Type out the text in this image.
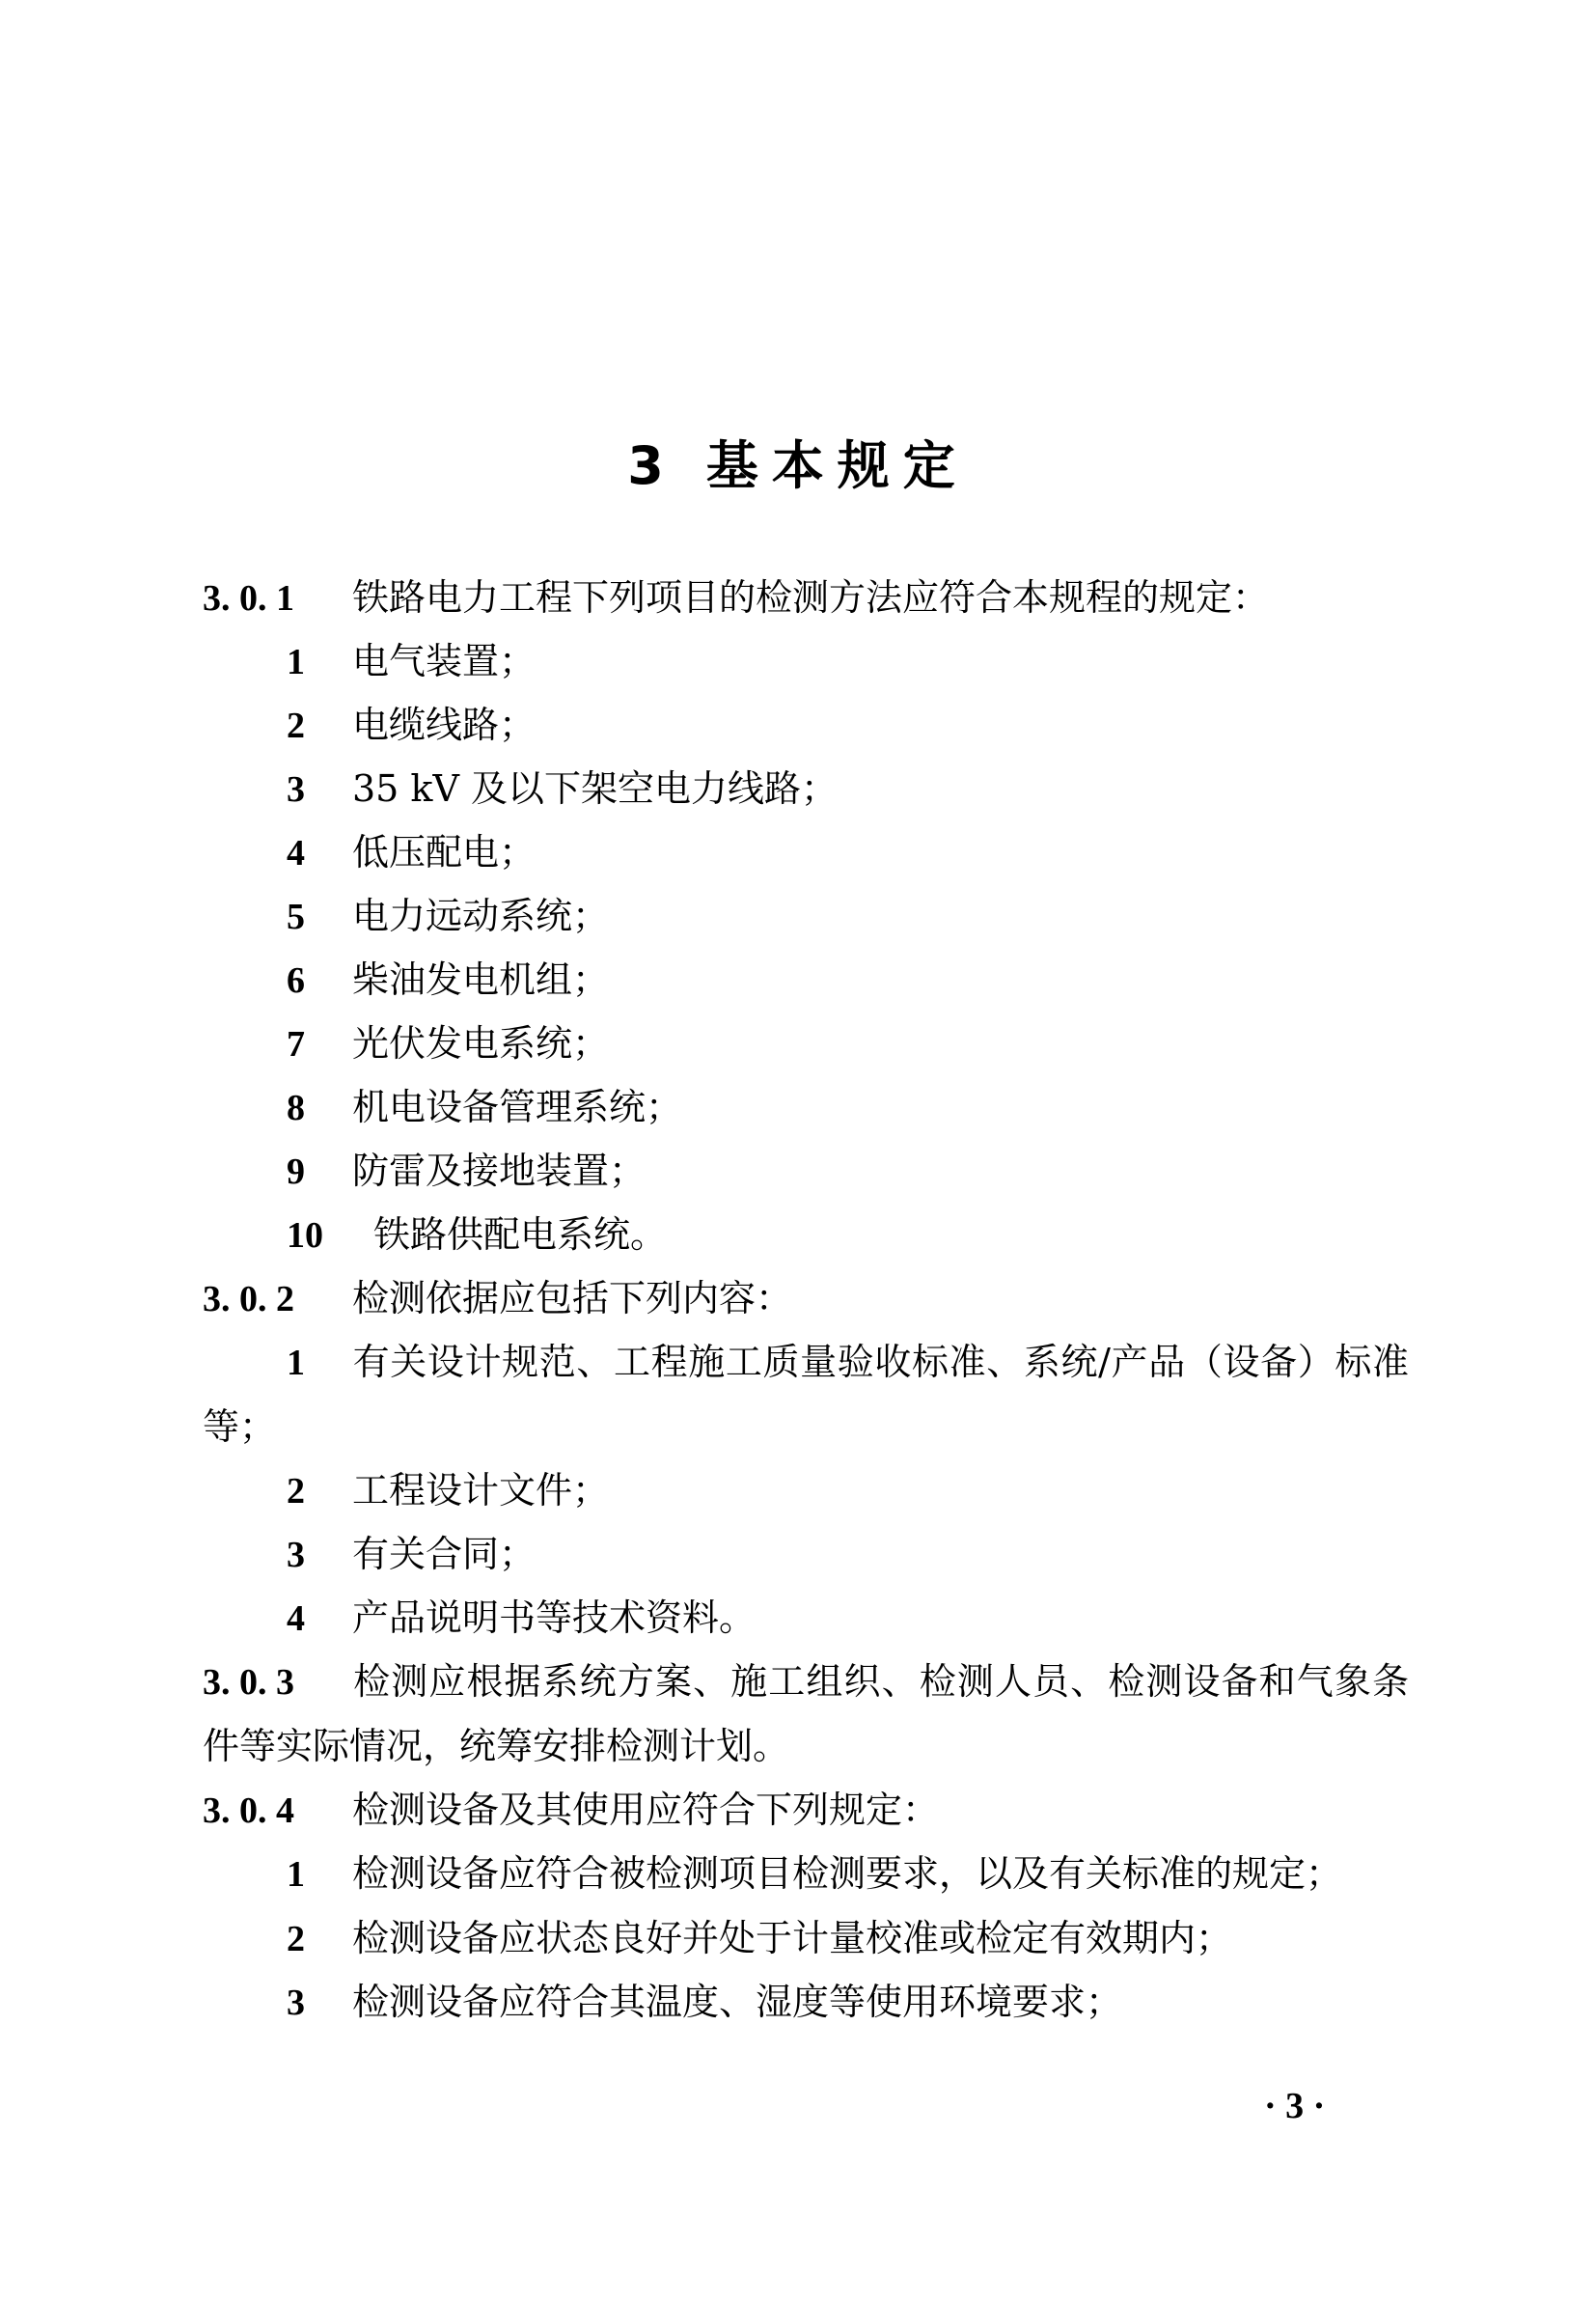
3 基本规定
3. 0. 1 铁路电力工程下列项目的检测方法应符合本规程的规定：
1 电气装置；
2 电缆线路；
3 35 kV 及以下架空电力线路；
4 低压配电；
5 电力远动系统；
6 柴油发电机组；
7 光伏发电系统；
8 机电设备管理系统；
9 防雷及接地装置；
10 铁路供配电系统。
3. 0. 2 检测依据应包括下列内容：
1 有关设计规范、工程施工质量验收标准、系统/产品（设备）标准等；
2 工程设计文件；
3 有关合同；
4 产品说明书等技术资料。
3. 0. 3 检测应根据系统方案、施工组织、检测人员、检测设备和气象条件等实际情况，统筹安排检测计划。
3. 0. 4 检测设备及其使用应符合下列规定：
1 检测设备应符合被检测项目检测要求，以及有关标准的规定；
2 检测设备应状态良好并处于计量校准或检定有效期内；
3 检测设备应符合其温度、湿度等使用环境要求；
· 3 ·
